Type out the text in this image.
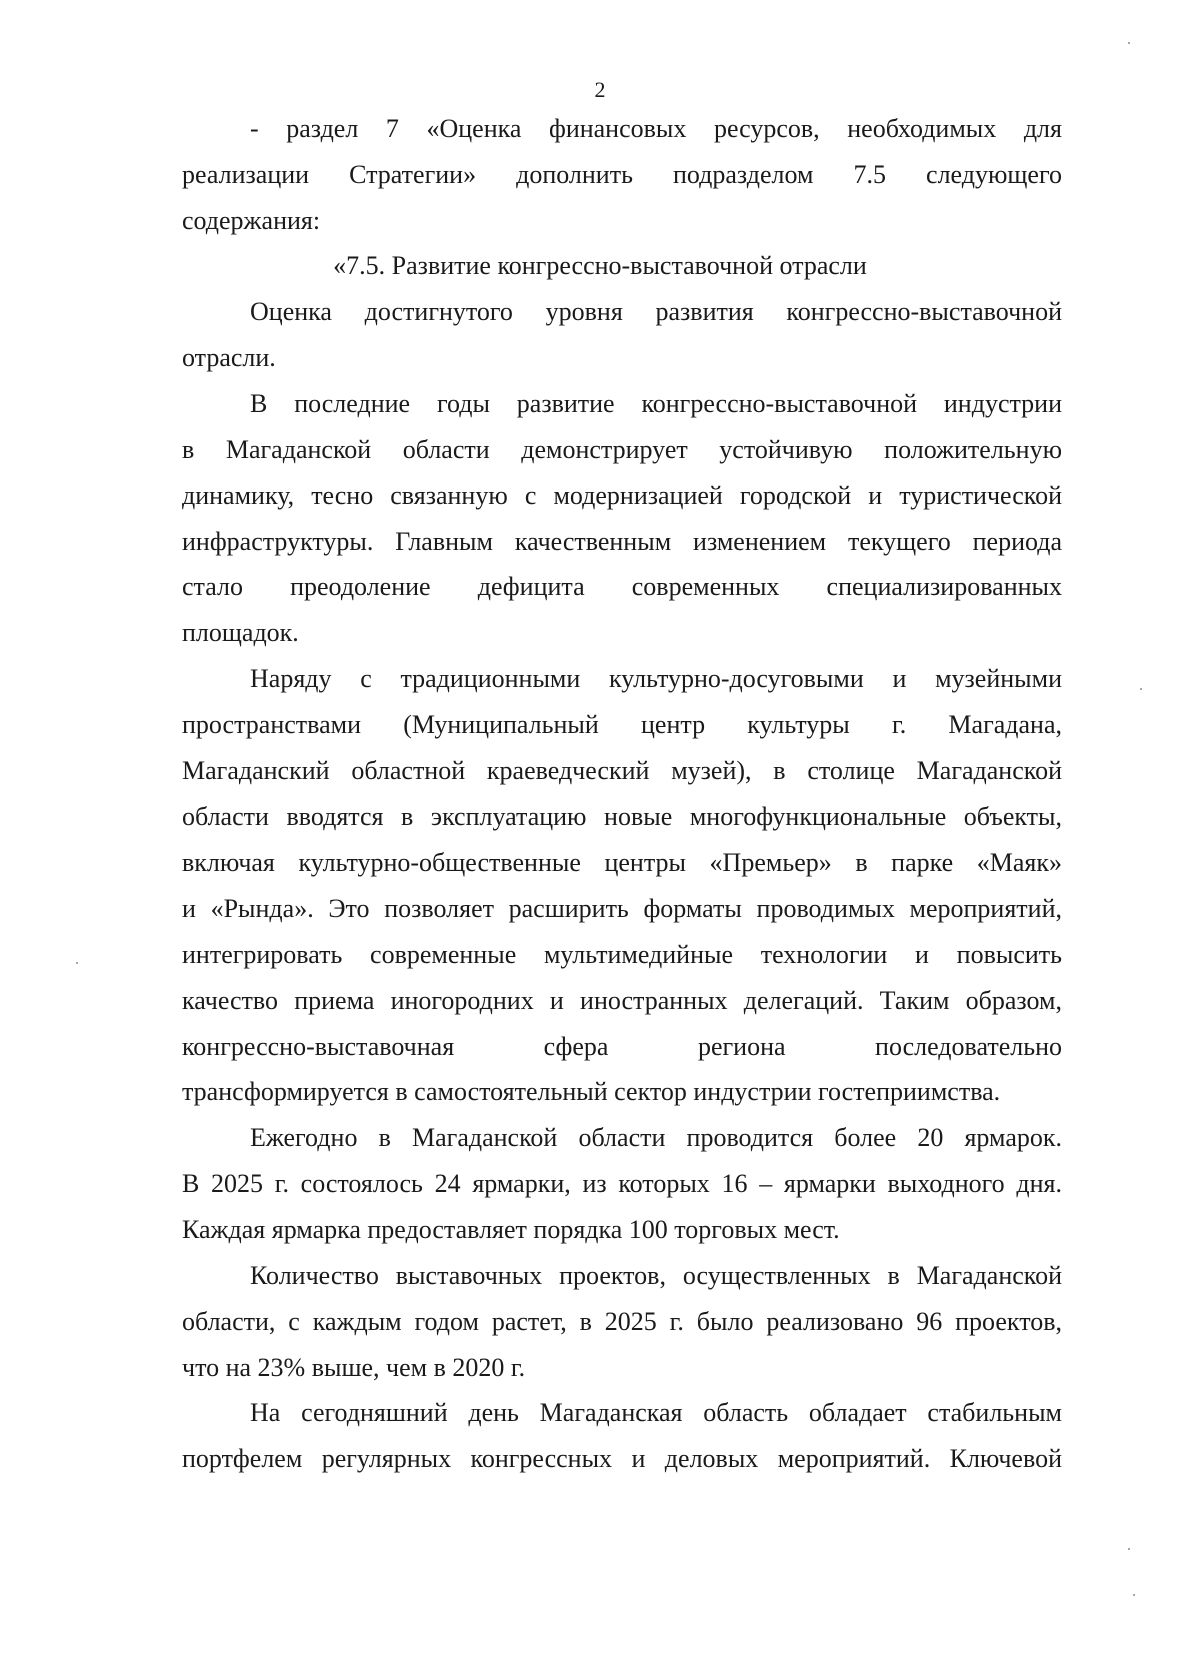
2
- раздел 7 «Оценка финансовых ресурсов, необходимых для
реализации Стратегии» дополнить подразделом 7.5 следующего
содержания:
«7.5. Развитие конгрессно-выставочной отрасли
Оценка достигнутого уровня развития конгрессно-выставочной
отрасли.
В последние годы развитие конгрессно-выставочной индустрии
в Магаданской области демонстрирует устойчивую положительную
динамику, тесно связанную с модернизацией городской и туристической
инфраструктуры. Главным качественным изменением текущего периода
стало преодоление дефицита современных специализированных
площадок.
Наряду с традиционными культурно-досуговыми и музейными
пространствами (Муниципальный центр культуры г. Магадана,
Магаданский областной краеведческий музей), в столице Магаданской
области вводятся в эксплуатацию новые многофункциональные объекты,
включая культурно-общественные центры «Премьер» в парке «Маяк»
и «Рында». Это позволяет расширить форматы проводимых мероприятий,
интегрировать современные мультимедийные технологии и повысить
качество приема иногородних и иностранных делегаций. Таким образом,
конгрессно-выставочная сфера региона последовательно
трансформируется в самостоятельный сектор индустрии гостеприимства.
Ежегодно в Магаданской области проводится более 20 ярмарок.
В 2025 г. состоялось 24 ярмарки, из которых 16 – ярмарки выходного дня.
Каждая ярмарка предоставляет порядка 100 торговых мест.
Количество выставочных проектов, осуществленных в Магаданской
области, с каждым годом растет, в 2025 г. было реализовано 96 проектов,
что на 23% выше, чем в 2020 г.
На сегодняшний день Магаданская область обладает стабильным
портфелем регулярных конгрессных и деловых мероприятий. Ключевой
